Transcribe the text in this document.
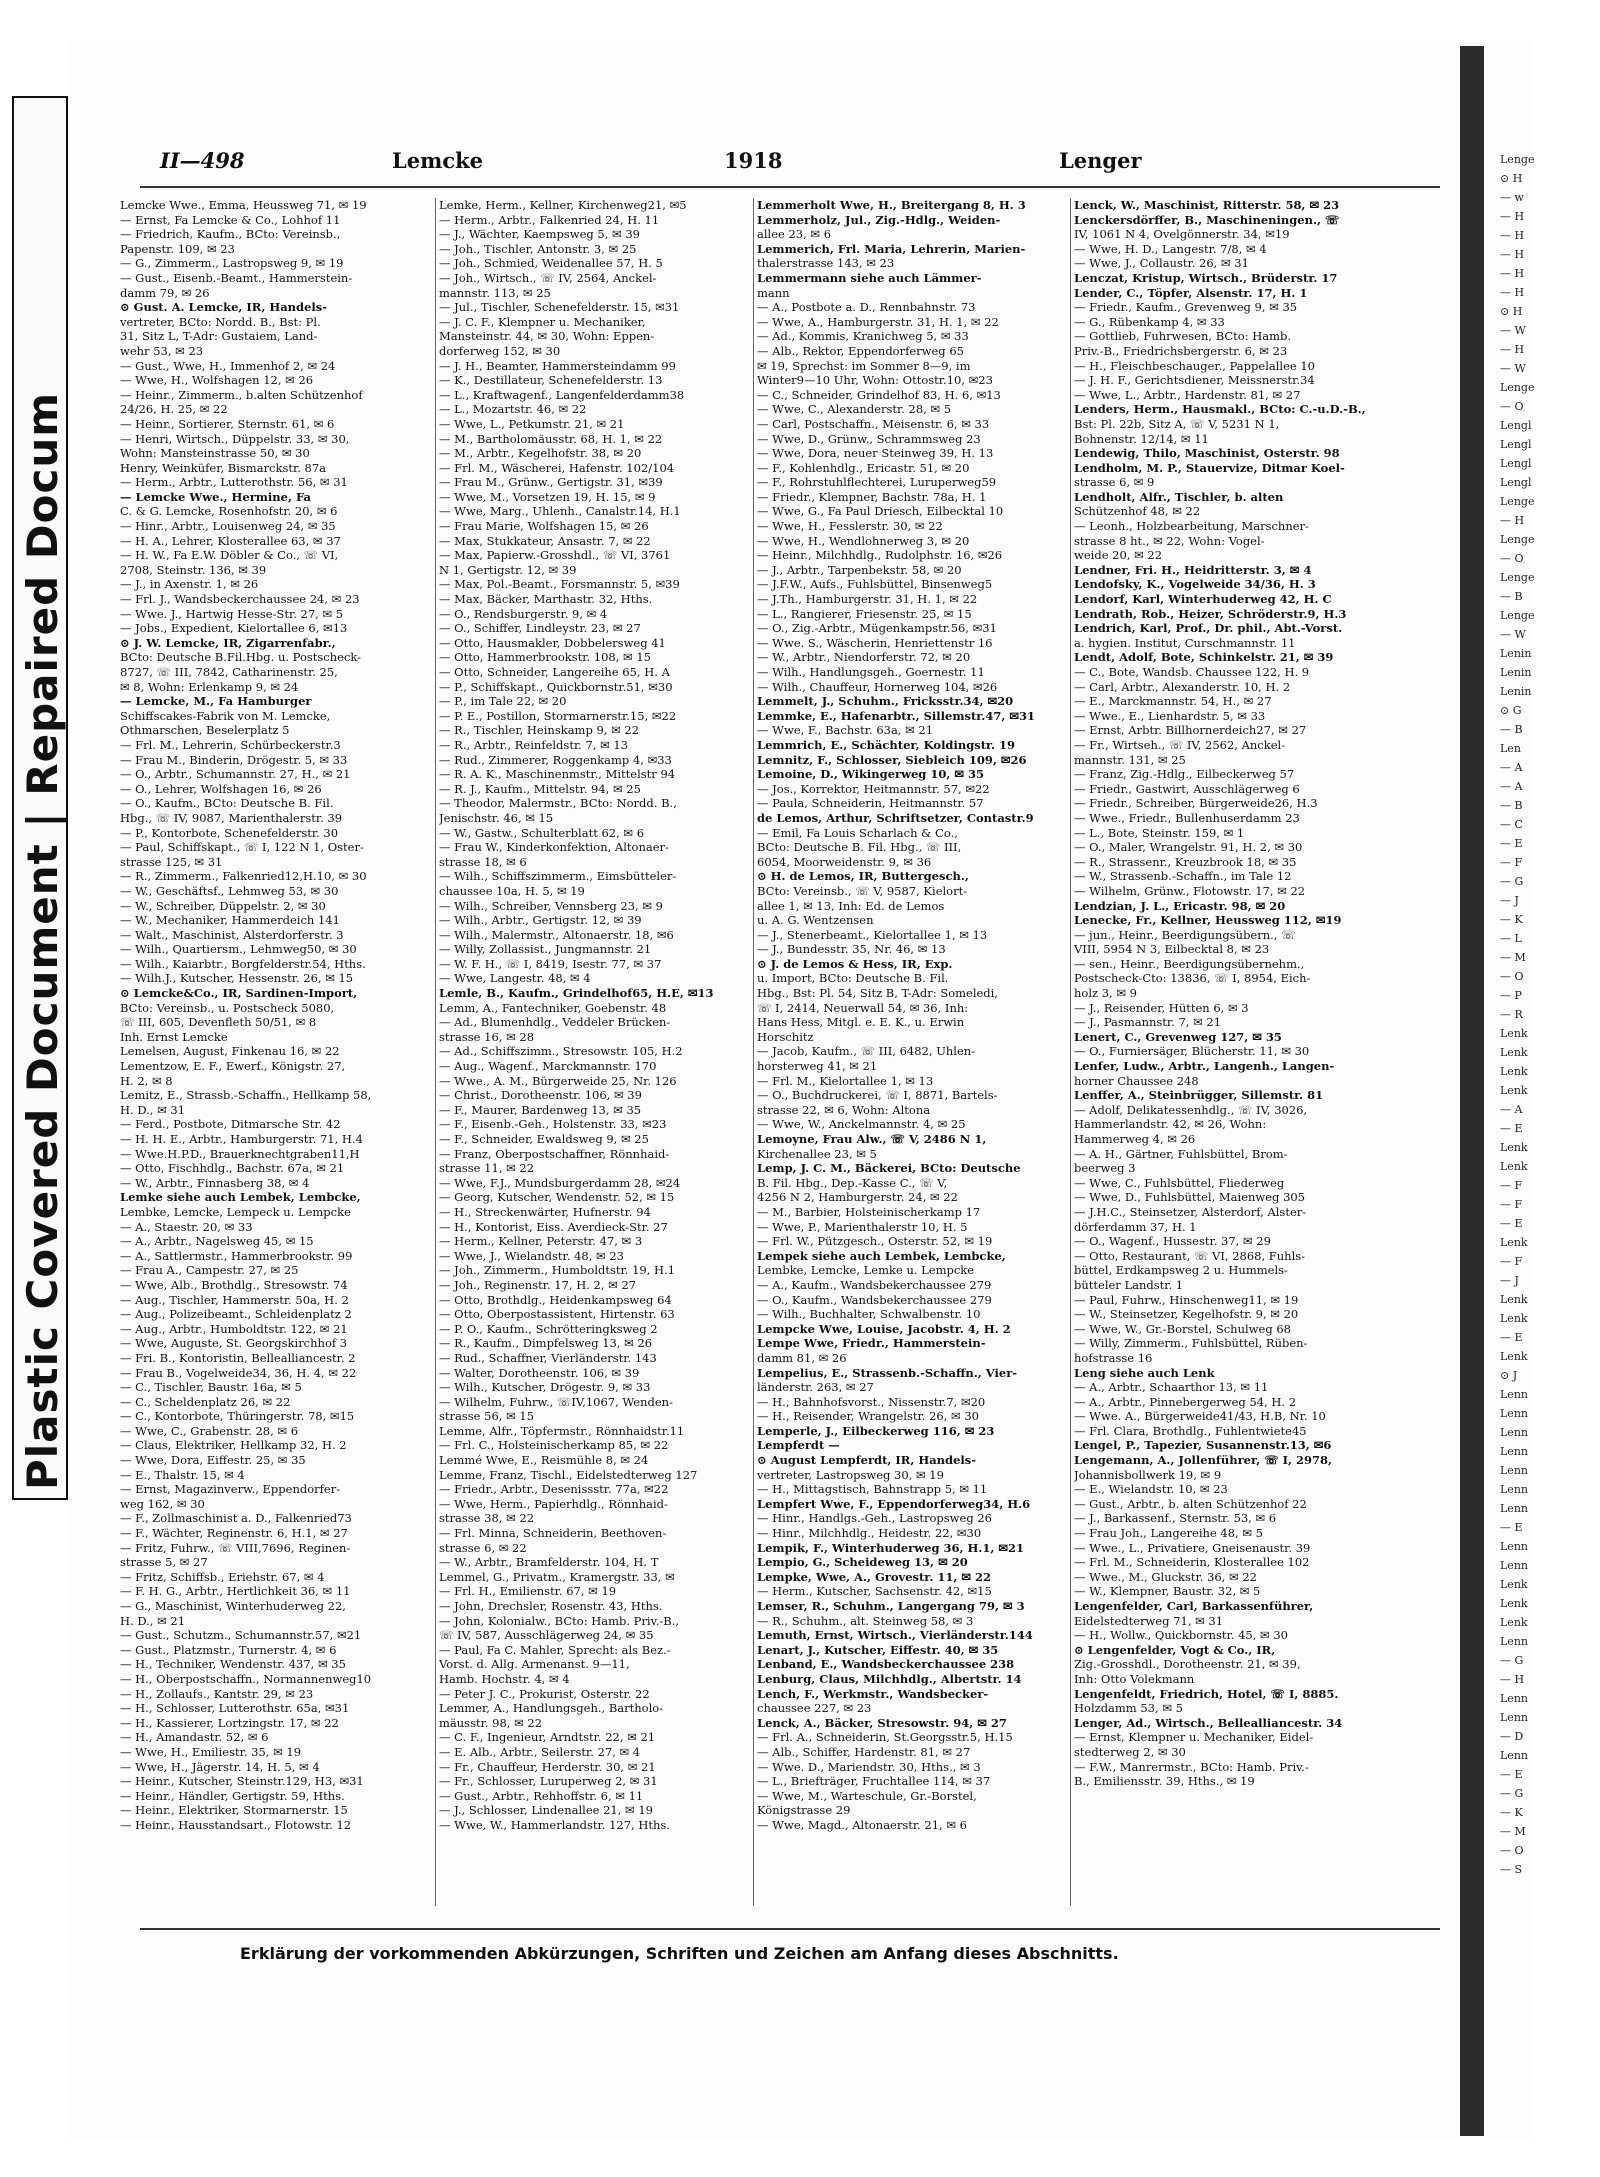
Plastic Covered Document | Repaired Docum
Lenge
⊙ H
— w
— H
— H
— H
— H
— H
⊙ H
— W
— H
— W
Lenge
— O
Lengl
Lengl
Lengl
Lengl
Lenge
— H
Lenge
— O
Lenge
— B
Lenge
— W
Lenin
Lenin
Lenin
⊙ G
— B
Len
— A
— A
— B
— C
— E
— F
— G
— J
— K
— L
— M
— O
— P
— R
Lenk
Lenk
Lenk
Lenk
— A
— E
Lenk
Lenk
— F
— F
— E
Lenk
— F
— J
Lenk
Lenk
— E
Lenk
⊙ J
Lenn
Lenn
Lenn
Lenn
Lenn
Lenn
Lenn
— E
Lenn
Lenn
Lenk
Lenk
Lenk
Lenn
— G
— H
Lenn
Lenn
— D
Lenn
— E
— G
— K
— M
— O
— S
II—498	Lemcke	1918	Lenger
Lemcke Wwe., Emma, Heussweg 71, ✉ 19
— Ernst, Fa Lemcke & Co., Lohhof 11
— Friedrich, Kaufm., BCto: Vereinsb.,
Papenstr. 109, ✉ 23
— G., Zimmerm., Lastropsweg 9, ✉ 19
— Gust., Eisenb.-Beamt., Hammerstein-
damm 79, ✉ 26
⊙ Gust. A. Lemcke, IR, Handels-
vertreter, BCto: Nordd. B., Bst: Pl.
31, Sitz L, T-Adr: Gustaiem, Land-
wehr 53, ✉ 23
— Gust., Wwe, H., Immenhof 2, ✉ 24
— Wwe, H., Wolfshagen 12, ✉ 26
— Heinr., Zimmerm., b.alten Schützenhof
24/26, H. 25, ✉ 22
— Heinr., Sortierer, Sternstr. 61, ✉ 6
— Henri, Wirtsch., Düppelstr. 33, ✉ 30,
Wohn: Mansteinstrasse 50, ✉ 30
Henry, Weinküfer, Bismarckstr. 87a
— Herm., Arbtr., Lutterothstr. 56, ✉ 31
— Lemcke Wwe., Hermine, Fa
C. & G. Lemcke, Rosenhofstr. 20, ✉ 6
— Hinr., Arbtr., Louisenweg 24, ✉ 35
— H. A., Lehrer, Klosterallee 63, ✉ 37
— H. W., Fa E.W. Döbler & Co., ☏ VI,
2708, Steinstr. 136, ✉ 39
— J., in Axenstr. 1, ✉ 26
— Frl. J., Wandsbeckerchaussee 24, ✉ 23
— Wwe. J., Hartwig Hesse-Str. 27, ✉ 5
— Jobs., Expedient, Kielortallee 6, ✉13
⊙ J. W. Lemcke, IR, Zigarrenfabr.,
BCto: Deutsche B.Fil.Hbg. u. Postscheck-
8727, ☏ III, 7842, Catharinenstr. 25,
✉ 8, Wohn: Erlenkamp 9, ✉ 24
— Lemcke, M., Fa Hamburger
Schiffscakes-Fabrik von M. Lemcke,
Othmarschen, Beselerplatz 5
— Frl. M., Lehrerin, Schürbeckerstr.3
— Frau M., Binderin, Drögestr. 5, ✉ 33
— O., Arbtr., Schumannstr. 27, H., ✉ 21
— O., Lehrer, Wolfshagen 16, ✉ 26
— O., Kaufm., BCto: Deutsche B. Fil.
Hbg., ☏ IV, 9087, Marienthalerstr. 39
— P., Kontorbote, Schenefelderstr. 30
— Paul, Schiffskapt., ☏ I, 122 N 1, Oster-
strasse 125, ✉ 31
— R., Zimmerm., Falkenried12,H.10, ✉ 30
— W., Geschäftsf., Lehmweg 53, ✉ 30
— W., Schreiber, Düppelstr. 2, ✉ 30
— W., Mechaniker, Hammerdeich 141
— Walt., Maschinist, Alsterdorferstr. 3
— Wilh., Quartiersm., Lehmweg50, ✉ 30
— Wilh., Kaiarbtr., Borgfelderstr.54, Hths.
— Wilh.J., Kutscher, Hessenstr. 26, ✉ 15
⊙ Lemcke&Co., IR, Sardinen-Import,
BCto: Vereinsb., u. Postscheck 5080,
☏ III, 605, Devenfleth 50/51, ✉ 8
Inh. Ernst Lemcke
Lemelsen, August, Finkenau 16, ✉ 22
Lementzow, E. F., Ewerf., Königstr. 27,
H. 2, ✉ 8
Lemitz, E., Strassb.-Schaffn., Hellkamp 58,
H. D., ✉ 31
— Ferd., Postbote, Ditmarsche Str. 42
— H. H. E., Arbtr., Hamburgerstr. 71, H.4
— Wwe.H.P.D., Brauerknechtgraben11,H
— Otto, Fischhdlg., Bachstr. 67a, ✉ 21
— W., Arbtr., Finnasberg 38, ✉ 4
Lemke siehe auch Lembek, Lembcke,
Lembke, Lemcke, Lempeck u. Lempcke
— A., Staestr. 20, ✉ 33
— A., Arbtr., Nagelsweg 45, ✉ 15
— A., Sattlermstr., Hammerbrookstr. 99
— Frau A., Campestr. 27, ✉ 25
— Wwe, Alb., Brothdlg., Stresowstr. 74
— Aug., Tischler, Hammerstr. 50a, H. 2
— Aug., Polizeibeamt., Schleidenplatz 2
— Aug., Arbtr., Humboldtstr. 122, ✉ 21
— Wwe, Auguste, St. Georgskirchhof 3
— Fri. B., Kontoristin, Bellealliancestr. 2
— Frau B., Vogelweide34, 36, H. 4, ✉ 22
— C., Tischler, Baustr. 16a, ✉ 5
— C., Scheldenplatz 26, ✉ 22
— C., Kontorbote, Thüringerstr. 78, ✉15
— Wwe, C., Grabenstr. 28, ✉ 6
— Claus, Elektriker, Hellkamp 32, H. 2
— Wwe, Dora, Eiffestr. 25, ✉ 35
— E., Thalstr. 15, ✉ 4
— Ernst, Magazinverw., Eppendorfer-
weg 162, ✉ 30
— F., Zollmaschinist a. D., Falkenried73
— F., Wächter, Reginenstr. 6, H.1, ✉ 27
— Fritz, Fuhrw., ☏ VIII,7696, Reginen-
strasse 5, ✉ 27
— Fritz, Schiffsb., Eriehstr. 67, ✉ 4
— F. H. G., Arbtr., Hertlichkeit 36, ✉ 11
— G., Maschinist, Winterhuderweg 22,
H. D., ✉ 21
— Gust., Schutzm., Schumannstr.57, ✉21
— Gust., Platzmstr., Turnerstr. 4, ✉ 6
— H., Techniker, Wendenstr. 437, ✉ 35
— H., Oberpostschaffn., Normannenweg10
— H., Zollaufs., Kantstr. 29, ✉ 23
— H., Schlosser, Lutterothstr. 65a, ✉31
— H., Kassierer, Lortzingstr. 17, ✉ 22
— H., Amandastr. 52, ✉ 6
— Wwe, H., Emiliestr. 35, ✉ 19
— Wwe, H., Jägerstr. 14, H. 5, ✉ 4
— Heinr., Kutscher, Steinstr.129, H3, ✉31
— Heinr., Händler, Gertigstr. 59, Hths.
— Heinr., Elektriker, Stormarnerstr. 15
— Heinr., Hausstandsart., Flotowstr. 12
Lemke, Herm., Kellner, Kirchenweg21, ✉5
— Herm., Arbtr., Falkenried 24, H. 11
— J., Wächter, Kaempsweg 5, ✉ 39
— Joh., Tischler, Antonstr. 3, ✉ 25
— Joh., Schmied, Weidenallee 57, H. 5
— Joh., Wirtsch., ☏ IV, 2564, Anckel-
mannstr. 113, ✉ 25
— Jul., Tischler, Schenefelderstr. 15, ✉31
— J. C. F., Klempner u. Mechaniker,
Mansteinstr. 44, ✉ 30, Wohn: Eppen-
dorferweg 152, ✉ 30
— J. H., Beamter, Hammersteindamm 99
— K., Destillateur, Schenefelderstr. 13
— L., Kraftwagenf., Langenfelderdamm38
— L., Mozartstr. 46, ✉ 22
— Wwe, L., Petkumstr. 21, ✉ 21
— M., Bartholomäusstr. 68, H. 1, ✉ 22
— M., Arbtr., Kegelhofstr. 38, ✉ 20
— Frl. M., Wäscherei, Hafenstr. 102/104
— Frau M., Grünw., Gertigstr. 31, ✉39
— Wwe, M., Vorsetzen 19, H. 15, ✉ 9
— Wwe, Marg., Uhlenh., Canalstr.14, H.1
— Frau Marie, Wolfshagen 15, ✉ 26
— Max, Stukkateur, Ansastr. 7, ✉ 22
— Max, Papierw.-Grosshdl., ☏ VI, 3761
N 1, Gertigstr. 12, ✉ 39
— Max, Pol.-Beamt., Forsmannstr. 5, ✉39
— Max, Bäcker, Marthastr. 32, Hths.
— O., Rendsburgerstr. 9, ✉ 4
— O., Schiffer, Lindleystr. 23, ✉ 27
— Otto, Hausmakler, Dobbelersweg 41
— Otto, Hammerbrookstr. 108, ✉ 15
— Otto, Schneider, Langereihe 65, H. A
— P., Schiffskapt., Quickbornstr.51, ✉30
— P., im Tale 22, ✉ 20
— P. E., Postillon, Stormarnerstr.15, ✉22
— R., Tischler, Heinskamp 9, ✉ 22
— R., Arbtr., Reinfeldstr. 7, ✉ 13
— Rud., Zimmerer, Roggenkamp 4, ✉33
— R. A. K., Maschinenmstr., Mittelstr 94
— R. J., Kaufm., Mittelstr. 94, ✉ 25
— Theodor, Malermstr., BCto: Nordd. B.,
Jenischstr. 46, ✉ 15
— W., Gastw., Schulterblatt 62, ✉ 6
— Frau W., Kinderkonfektion, Altonaer-
strasse 18, ✉ 6
— Wilh., Schiffszimmerm., Eimsbütteler-
chaussee 10a, H. 5, ✉ 19
— Wilh., Schreiber, Vennsberg 23, ✉ 9
— Wilh., Arbtr., Gertigstr. 12, ✉ 39
— Wilh., Malermstr., Altonaerstr. 18, ✉6
— Willy, Zollassist., Jungmannstr. 21
— W. F. H., ☏ I, 8419, Isestr. 77, ✉ 37
— Wwe, Langestr. 48, ✉ 4
Lemle, B., Kaufm., Grindelhof65, H.E, ✉13
Lemm, A., Fantechniker, Goebenstr. 48
— Ad., Blumenhdlg., Veddeler Brücken-
strasse 16, ✉ 28
— Ad., Schiffszimm., Stresowstr. 105, H.2
— Aug., Wagenf., Marckmannstr. 170
— Wwe., A. M., Bürgerweide 25, Nr. 126
— Christ., Dorotheenstr. 106, ✉ 39
— F., Maurer, Bardenweg 13, ✉ 35
— F., Eisenb.-Geh., Holstenstr. 33, ✉23
— F., Schneider, Ewaldsweg 9, ✉ 25
— Franz, Oberpostschaffner, Rönnhaid-
strasse 11, ✉ 22
— Wwe, F.J., Mundsburgerdamm 28, ✉24
— Georg, Kutscher, Wendenstr. 52, ✉ 15
— H., Streckenwärter, Hufnerstr. 94
— H., Kontorist, Eiss. Averdieck-Str. 27
— Herm., Kellner, Peterstr. 47, ✉ 3
— Wwe, J., Wielandstr. 48, ✉ 23
— Joh., Zimmerm., Humboldtstr. 19, H.1
— Joh., Reginenstr. 17, H. 2, ✉ 27
— Otto, Brothdlg., Heidenkampsweg 64
— Otto, Oberpostassistent, Hirtenstr. 63
— P. O., Kaufm., Schrötteringksweg 2
— R., Kaufm., Dimpfelsweg 13, ✉ 26
— Rud., Schaffner, Vierländerstr. 143
— Walter, Dorotheenstr. 106, ✉ 39
— Wilh., Kutscher, Drögestr. 9, ✉ 33
— Wilhelm, Fuhrw., ☏IV,1067, Wenden-
strasse 56, ✉ 15
Lemme, Alfr., Töpfermstr., Rönnhaidstr.11
— Frl. C., Holsteinischerkamp 85, ✉ 22
Lemmé Wwe, E., Reismühle 8, ✉ 24
Lemme, Franz, Tischl., Eidelstedterweg 127
— Friedr., Arbtr., Desenissstr. 77a, ✉22
— Wwe, Herm., Papierhdlg., Rönnhaid-
strasse 38, ✉ 22
— Frl. Minna, Schneiderin, Beethoven-
strasse 6, ✉ 22
— W., Arbtr., Bramfelderstr. 104, H. T
Lemmel, G., Privatm., Kramergstr. 33, ✉
— Frl. H., Emilienstr. 67, ✉ 19
— John, Drechsler, Rosenstr. 43, Hths.
— John, Kolonialw., BCto: Hamb. Priv.-B.,
☏ IV, 587, Ausschlägerweg 24, ✉ 35
— Paul, Fa C. Mahler, Sprecht: als Bez.-
Vorst. d. Allg. Armenanst. 9—11,
Hamb. Hochstr. 4, ✉ 4
— Peter J. C., Prokurist, Osterstr. 22
Lemmer, A., Handlungsgeh., Bartholo-
mäusstr. 98, ✉ 22
— C. F., Ingenieur, Arndtstr. 22, ✉ 21
— E. Alb., Arbtr., Seilerstr. 27, ✉ 4
— Fr., Chauffeur, Herderstr. 30, ✉ 21
— Fr., Schlosser, Luruperweg 2, ✉ 31
— Gust., Arbtr., Rehhoffstr. 6, ✉ 11
— J., Schlosser, Lindenallee 21, ✉ 19
— Wwe, W., Hammerlandstr. 127, Hths.
Lemmerholt Wwe, H., Breitergang 8, H. 3
Lemmerholz, Jul., Zig.-Hdlg., Weiden-
allee 23, ✉ 6
Lemmerich, Frl. Maria, Lehrerin, Marien-
thalerstrasse 143, ✉ 23
Lemmermann siehe auch Lämmer-
mann
— A., Postbote a. D., Rennbahnstr. 73
— Wwe, A., Hamburgerstr. 31, H. 1, ✉ 22
— Ad., Kommis, Kranichweg 5, ✉ 33
— Alb., Rektor, Eppendorferweg 65
✉ 19, Sprechst: im Sommer 8—9, im
Winter9—10 Uhr, Wohn: Ottostr.10, ✉23
— C., Schneider, Grindelhof 83, H. 6, ✉13
— Wwe, C., Alexanderstr. 28, ✉ 5
— Carl, Postschaffn., Meisenstr. 6, ✉ 33
— Wwe, D., Grünw., Schrammsweg 23
— Wwe, Dora, neuer Steinweg 39, H. 13
— F., Kohlenhdlg., Ericastr. 51, ✉ 20
— F., Rohrstuhlflechterei, Luruperweg59
— Friedr., Klempner, Bachstr. 78a, H. 1
— Wwe, G., Fa Paul Driesch, Eilbecktal 10
— Wwe, H., Fesslerstr. 30, ✉ 22
— Wwe, H., Wendlohnerweg 3, ✉ 20
— Heinr., Milchhdlg., Rudolphstr. 16, ✉26
— J., Arbtr., Tarpenbekstr. 58, ✉ 20
— J.F.W., Aufs., Fuhlsbüttel, Binsenweg5
— J.Th., Hamburgerstr. 31, H. 1, ✉ 22
— L., Rangierer, Friesenstr. 25, ✉ 15
— O., Zig.-Arbtr., Mügenkampstr.56, ✉31
— Wwe. S., Wäscherin, Henriettenstr 16
— W., Arbtr., Niendorferstr. 72, ✉ 20
— Wilh., Handlungsgeh., Goernestr. 11
— Wilh., Chauffeur, Hornerweg 104, ✉26
Lemmelt, J., Schuhm., Fricksstr.34, ✉20
Lemmke, E., Hafenarbtr., Sillemstr.47, ✉31
— Wwe, F., Bachstr. 63a, ✉ 21
Lemmrich, E., Schächter, Koldingstr. 19
Lemnitz, F., Schlosser, Siebleich 109, ✉26
Lemoine, D., Wikingerweg 10, ✉ 35
— Jos., Korrektor, Heitmannstr. 57, ✉22
— Paula, Schneiderin, Heitmannstr. 57
de Lemos, Arthur, Schriftsetzer, Contastr.9
— Emil, Fa Louis Scharlach & Co.,
BCto: Deutsche B. Fil. Hbg., ☏ III,
6054, Moorweidenstr. 9, ✉ 36
⊙ H. de Lemos, IR, Buttergesch.,
BCto: Vereinsb., ☏ V, 9587, Kielort-
allee 1, ✉ 13, Inh: Ed. de Lemos
u. A. G. Wentzensen
— J., Stenerbeamt., Kielortallee 1, ✉ 13
— J., Bundesstr. 35, Nr. 46, ✉ 13
⊙ J. de Lemos & Hess, IR, Exp.
u. Import, BCto: Deutsche B. Fil.
Hbg., Bst: Pl. 54, Sitz B, T-Adr: Someledi,
☏ I, 2414, Neuerwall 54, ✉ 36, Inh:
Hans Hess, Mitgl. e. E. K., u. Erwin
Horschitz
— Jacob, Kaufm., ☏ III, 6482, Uhlen-
horsterweg 41, ✉ 21
— Frl. M., Kielortallee 1, ✉ 13
— O., Buchdruckerei, ☏ I, 8871, Bartels-
strasse 22, ✉ 6, Wohn: Altona
— Wwe, W., Anckelmannstr. 4, ✉ 25
Lemoyne, Frau Alw., ☏ V, 2486 N 1,
Kirchenallee 23, ✉ 5
Lemp, J. C. M., Bäckerei, BCto: Deutsche
B. Fil. Hbg., Dep.-Kasse C., ☏ V,
4256 N 2, Hamburgerstr. 24, ✉ 22
— M., Barbier, Holsteinischerkamp 17
— Wwe, P., Marienthalerstr 10, H. 5
— Frl. W., Pützgesch., Osterstr. 52, ✉ 19
Lempek siehe auch Lembek, Lembcke,
Lembke, Lemcke, Lemke u. Lempcke
— A., Kaufm., Wandsbekerchaussee 279
— O., Kaufm., Wandsbekerchaussee 279
— Wilh., Buchhalter, Schwalbenstr. 10
Lempcke Wwe, Louise, Jacobstr. 4, H. 2
Lempe Wwe, Friedr., Hammerstein-
damm 81, ✉ 26
Lempelius, E., Strassenb.-Schaffn., Vier-
länderstr. 263, ✉ 27
— H., Bahnhofsvorst., Nissenstr.7, ✉20
— H., Reisender, Wrangelstr. 26, ✉ 30
Lemperle, J., Eilbeckerweg 116, ✉ 23
Lempferdt —
⊙ August Lempferdt, IR, Handels-
vertreter, Lastropsweg 30, ✉ 19
— H., Mittagstisch, Bahnstrapp 5, ✉ 11
Lempfert Wwe, F., Eppendorferweg34, H.6
— Hinr., Handlgs.-Geh., Lastropsweg 26
— Hinr., Milchhdlg., Heidestr. 22, ✉30
Lempik, F., Winterhuderweg 36, H.1, ✉21
Lempio, G., Scheideweg 13, ✉ 20
Lempke, Wwe, A., Grovestr. 11, ✉ 22
— Herm., Kutscher, Sachsenstr. 42, ✉15
Lemser, R., Schuhm., Langergang 79, ✉ 3
— R., Schuhm., alt. Steinweg 58, ✉ 3
Lemuth, Ernst, Wirtsch., Vierländerstr.144
Lenart, J., Kutscher, Eiffestr. 40, ✉ 35
Lenband, E., Wandsbeckerchaussee 238
Lenburg, Claus, Milchhdlg., Albertstr. 14
Lench, F., Werkmstr., Wandsbecker-
chaussee 227, ✉ 23
Lenck, A., Bäcker, Stresowstr. 94, ✉ 27
— Frl. A., Schneiderin, St.Georgsstr.5, H.15
— Alb., Schiffer, Hardenstr. 81, ✉ 27
— Wwe. D., Mariendstr. 30, Hths., ✉ 3
— L., Briefträger, Fruchtallee 114, ✉ 37
— Wwe, M., Warteschule, Gr.-Borstel,
Königstrasse 29
— Wwe, Magd., Altonaerstr. 21, ✉ 6
Lenck, W., Maschinist, Ritterstr. 58, ✉ 23
Lenckersdörffer, B., Maschineningen., ☏
IV, 1061 N 4, Ovelgönnerstr. 34, ✉19
— Wwe, H. D., Langestr. 7/8, ✉ 4
— Wwe, J., Collaustr. 26, ✉ 31
Lenczat, Kristup, Wirtsch., Brüderstr. 17
Lender, C., Töpfer, Alsenstr. 17, H. 1
— Friedr., Kaufm., Grevenweg 9, ✉ 35
— G., Rübenkamp 4, ✉ 33
— Gottlieb, Fuhrwesen, BCto: Hamb.
Priv.-B., Friedrichsbergerstr. 6, ✉ 23
— H., Fleischbeschauger., Pappelallee 10
— J. H. F., Gerichtsdiener, Meissnerstr.34
— Wwe, L., Arbtr., Hardenstr. 81, ✉ 27
Lenders, Herm., Hausmakl., BCto: C.-u.D.-B.,
Bst: Pl. 22b, Sitz A, ☏ V, 5231 N 1,
Bohnenstr. 12/14, ✉ 11
Lendewig, Thilo, Maschinist, Osterstr. 98
Lendholm, M. P., Stauervize, Ditmar Koel-
strasse 6, ✉ 9
Lendholt, Alfr., Tischler, b. alten
Schützenhof 48, ✉ 22
— Leonh., Holzbearbeitung, Marschner-
strasse 8 ht., ✉ 22, Wohn: Vogel-
weide 20, ✉ 22
Lendner, Fri. H., Heidritterstr. 3, ✉ 4
Lendofsky, K., Vogelweide 34/36, H. 3
Lendorf, Karl, Winterhuderweg 42, H. C
Lendrath, Rob., Heizer, Schröderstr.9, H.3
Lendrich, Karl, Prof., Dr. phil., Abt.-Vorst.
a. hygien. Institut, Curschmannstr. 11
Lendt, Adolf, Bote, Schinkelstr. 21, ✉ 39
— C., Bote, Wandsb. Chaussee 122, H. 9
— Carl, Arbtr., Alexanderstr. 10, H. 2
— E., Marckmannstr. 54, H., ✉ 27
— Wwe., E., Lienhardstr. 5, ✉ 33
— Ernst, Arbtr. Billhornerdeich27, ✉ 27
— Fr., Wirtseh., ☏ IV, 2562, Anckel-
mannstr. 131, ✉ 25
— Franz, Zig.-Hdlg., Eilbeckerweg 57
— Friedr., Gastwirt, Ausschlägerweg 6
— Friedr., Schreiber, Bürgerweide26, H.3
— Wwe., Friedr., Bullenhuserdamm 23
— L., Bote, Steinstr. 159, ✉ 1
— O., Maler, Wrangelstr. 91, H. 2, ✉ 30
— R., Strassenr., Kreuzbrook 18, ✉ 35
— W., Strassenb.-Schaffn., im Tale 12
— Wilhelm, Grünw., Flotowstr. 17, ✉ 22
Lendzian, J. L., Ericastr. 98, ✉ 20
Lenecke, Fr., Kellner, Heussweg 112, ✉19
— jun., Heinr., Beerdigungsübern., ☏
VIII, 5954 N 3, Eilbecktal 8, ✉ 23
— sen., Heinr., Beerdigungsübernehm.,
Postscheck-Cto: 13836, ☏ I, 8954, Eich-
holz 3, ✉ 9
— J., Reisender, Hütten 6, ✉ 3
— J., Pasmannstr. 7, ✉ 21
Lenert, C., Grevenweg 127, ✉ 35
— O., Furniersäger, Blücherstr. 11, ✉ 30
Lenfer, Ludw., Arbtr., Langenh., Langen-
horner Chaussee 248
Lenffer, A., Steinbrügger, Sillemstr. 81
— Adolf, Delikatessenhdlg., ☏ IV, 3026,
Hammerlandstr. 42, ✉ 26, Wohn:
Hammerweg 4, ✉ 26
— A. H., Gärtner, Fuhlsbüttel, Brom-
beerweg 3
— Wwe, C., Fuhlsbüttel, Fliederweg
— Wwe, D., Fuhlsbüttel, Maienweg 305
— J.H.C., Steinsetzer, Alsterdorf, Alster-
dörferdamm 37, H. 1
— O., Wagenf., Hussestr. 37, ✉ 29
— Otto, Restaurant, ☏ VI, 2868, Fuhls-
büttel, Erdkampsweg 2 u. Hummels-
bütteler Landstr. 1
— Paul, Fuhrw., Hinschenweg11, ✉ 19
— W., Steinsetzer, Kegelhofstr. 9, ✉ 20
— Wwe, W., Gr.-Borstel, Schulweg 68
— Willy, Zimmerm., Fuhlsbüttel, Rüben-
hofstrasse 16
Leng siehe auch Lenk
— A., Arbtr., Schaarthor 13, ✉ 11
— A., Arbtr., Pinnebergerweg 54, H. 2
— Wwe. A., Bürgerweide41/43, H.B, Nr. 10
— Frl. Clara, Brothdlg., Fuhlentwiete45
Lengel, P., Tapezier, Susannenstr.13, ✉6
Lengemann, A., Jollenführer, ☏ I, 2978,
Johannisbollwerk 19, ✉ 9
— E., Wielandstr. 10, ✉ 23
— Gust., Arbtr., b. alten Schützenhof 22
— J., Barkassenf., Sternstr. 53, ✉ 6
— Frau Joh., Langereihe 48, ✉ 5
— Wwe., L., Privatiere, Gneisenaustr. 39
— Frl. M., Schneiderin, Klosterallee 102
— Wwe., M., Gluckstr. 36, ✉ 22
— W., Klempner, Baustr. 32, ✉ 5
Lengenfelder, Carl, Barkassenführer,
Eidelstedterweg 71, ✉ 31
— H., Wollw., Quickbornstr. 45, ✉ 30
⊙ Lengenfelder, Vogt & Co., IR,
Zig.-Grosshdl., Dorotheenstr. 21, ✉ 39,
Inh: Otto Volekmann
Lengenfeldt, Friedrich, Hotel, ☏ I, 8885.
Holzdamm 53, ✉ 5
Lenger, Ad., Wirtsch., Bellealliancestr. 34
— Ernst, Klempner u. Mechaniker, Eidel-
stedterweg 2, ✉ 30
— F.W., Manrermstr., BCto: Hamb. Priv.-
B., Emiliensstr. 39, Hths., ✉ 19
Erklärung der vorkommenden Abkürzungen, Schriften und Zeichen am Anfang dieses Abschnitts.
